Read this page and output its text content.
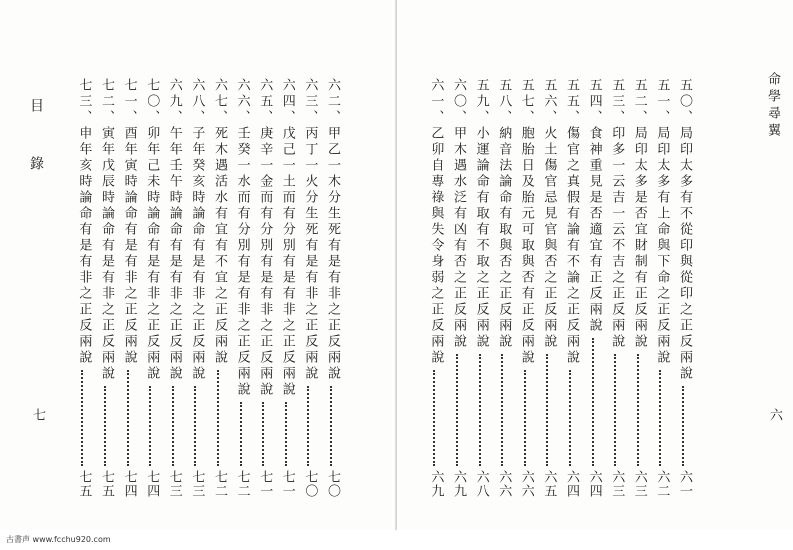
目錄
七
六二、甲乙一木分生死有是有非之正反兩說
七〇
六三、丙丁一火分生死有是有非之正反兩說
七〇
六四、戊己一土而有分別有是有非之正反兩說
七一
六五、庚辛一金而有分別有是有非之正反兩說
七一
六六、壬癸一水而有分別有是有非之正反兩說
七二
六七、死木遇活水有宜有不宜之正反兩說
七二
六八、子年癸亥時論命有是有非之正反兩說
七三
六九、午年壬午時論命有是有非之正反兩說
七三
七〇、卯年己未時論命有是有非之正反兩說
七四
七一、酉年寅時論命有是有非之正反兩說
七四
七二、寅年戊辰時論命有是有非之正反兩說
七五
七三、申年亥時論命有是有非之正反兩說
七五
命學尋翼
六
五〇、局印太多有不從印與從印之正反兩說
六一
五一、局印太多有上命與下命之正反兩說
六二
五二、局印太多是否宜財制有正反兩說
六三
五三、印多一云吉一云不吉之正反兩說
六三
五四、食神重見是否適宜有正反兩說
六四
五五、傷官之真假有論有不論之正反兩說
六四
五六、火土傷官忌見官與否之正反兩說
六五
五七、胞胎日及胎元可取與否有正反兩說
六六
五八、納音法論命有取與否之正反兩說
六六
五九、小運論命有取有不取之正反兩說
六八
六〇、甲木遇水泛有凶有否之正反兩說
六九
六一、乙卯自專祿與失令身弱之正反兩說
六九
古書声 www.fcchu920.com
